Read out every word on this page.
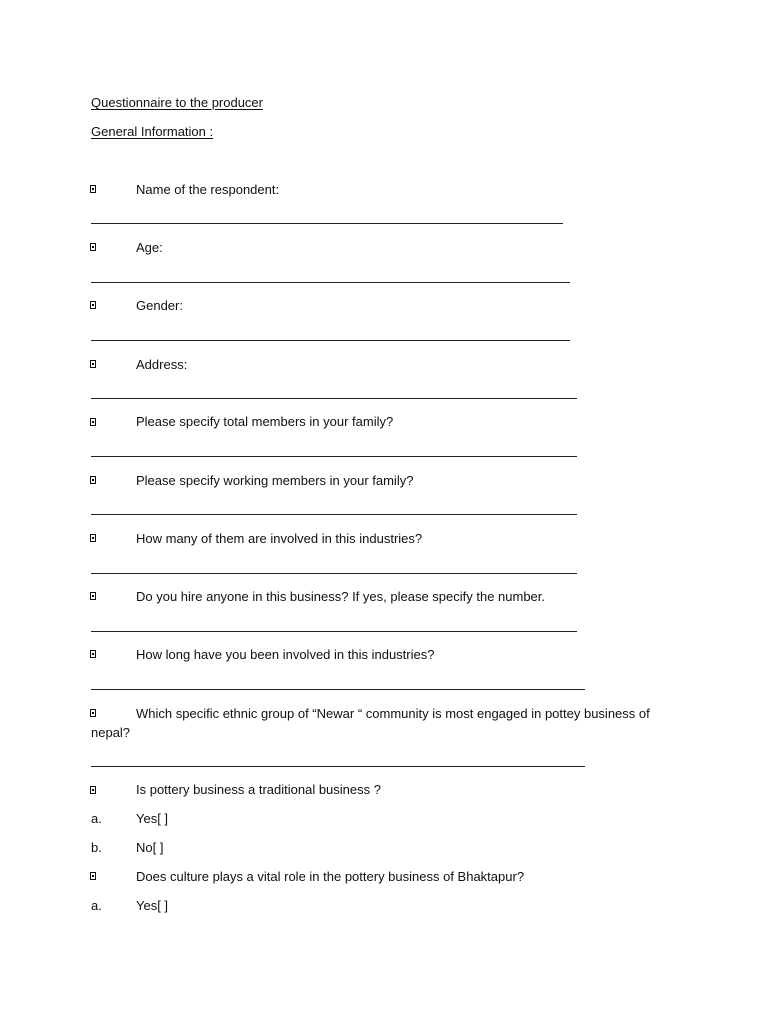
Questionnaire to the producer
General Information :
Name of the respondent:
Age:
Gender:
Address:
Please specify total members in your family?
Please specify working members in your family?
How many of them are involved in this industries?
Do you hire anyone in this business? If yes, please specify the number.
How long have you been involved in this industries?
Which specific ethnic group of “Newar “ community is most engaged in pottey business of nepal?
Is pottery business a traditional business ?
a.	Yes[ ]
b.	No[ ]
Does culture plays a vital role in the pottery business of Bhaktapur?
a.	Yes[ ]
